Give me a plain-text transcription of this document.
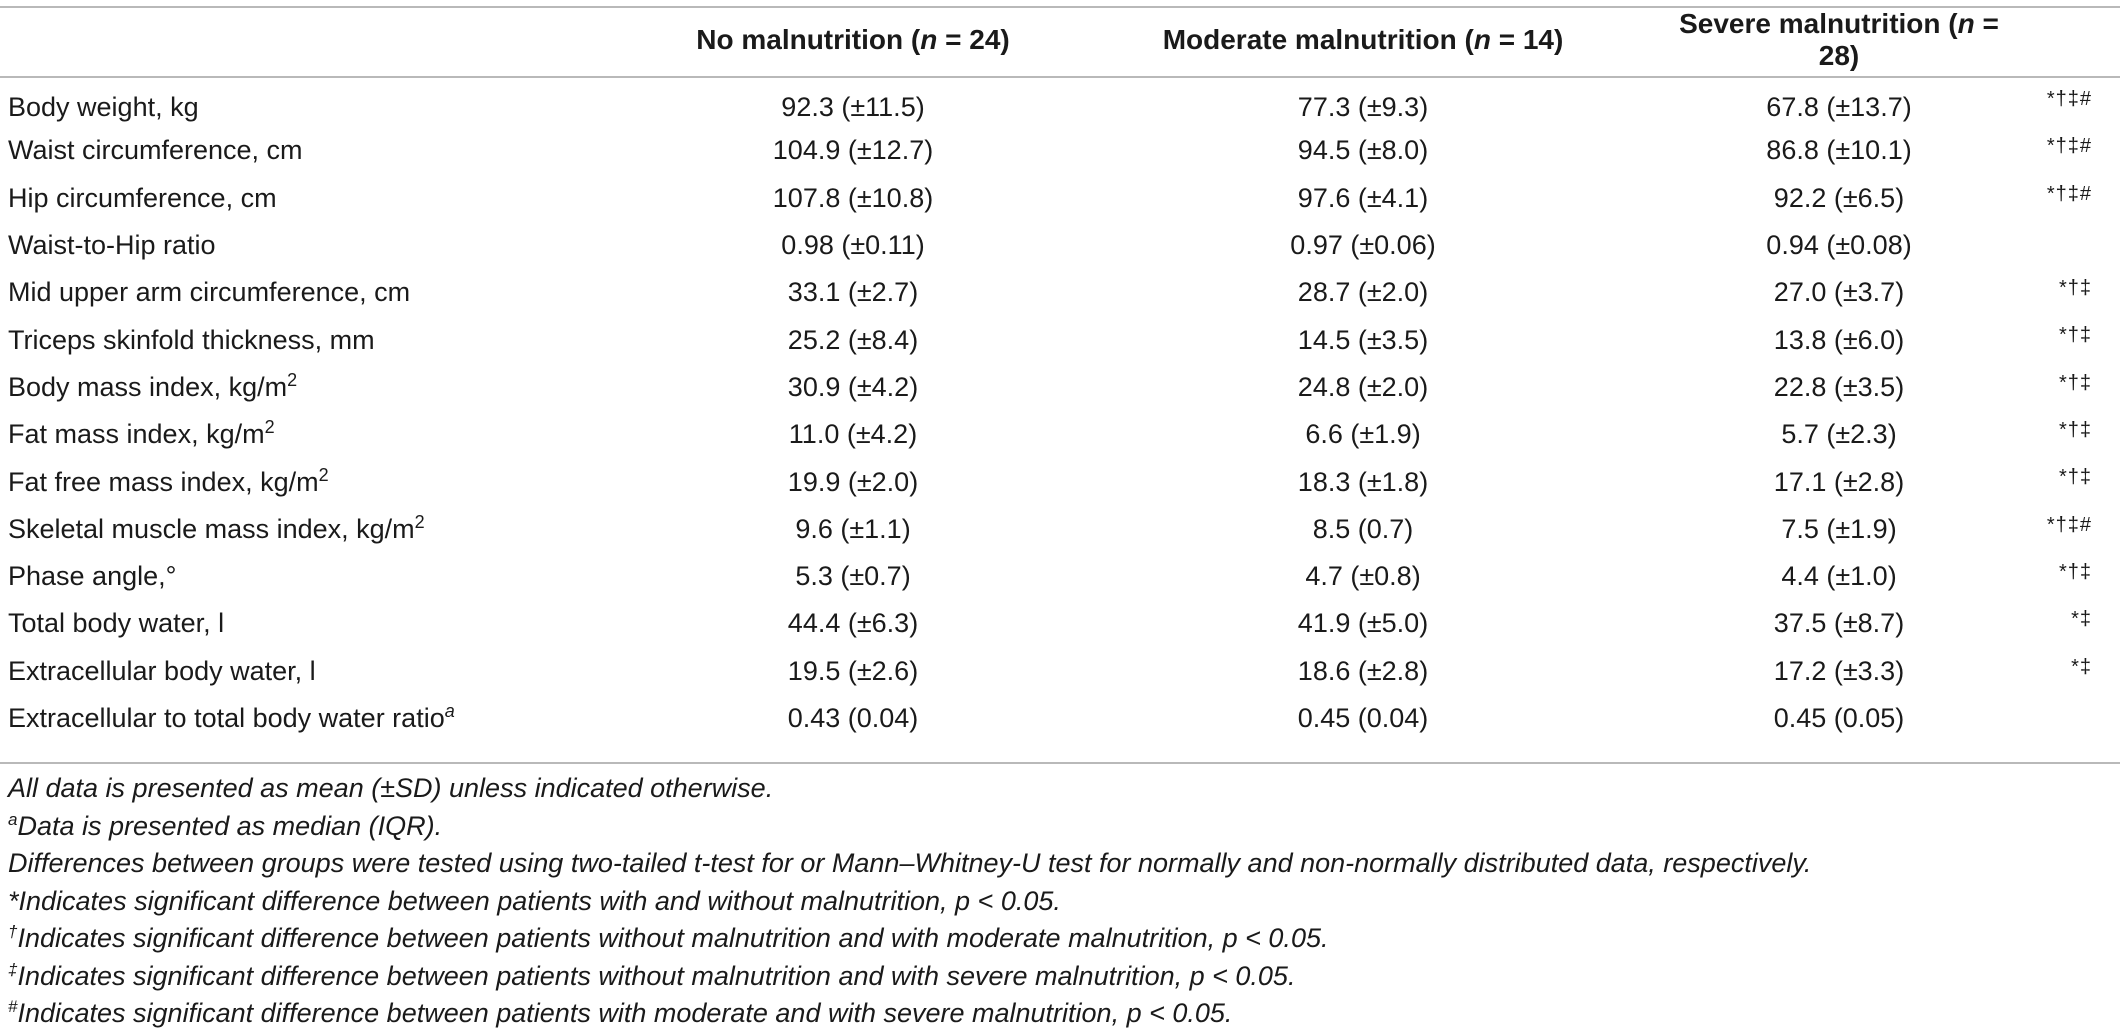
	No malnutrition (n = 24)	Moderate malnutrition (n = 14)	Severe malnutrition (n = 28)	
Body weight, kg	92.3 (±11.5)	77.3 (±9.3)	67.8 (±13.7)	*†‡#
Waist circumference, cm	104.9 (±12.7)	94.5 (±8.0)	86.8 (±10.1)	*†‡#
Hip circumference, cm	107.8 (±10.8)	97.6 (±4.1)	92.2 (±6.5)	*†‡#
Waist-to-Hip ratio	0.98 (±0.11)	0.97 (±0.06)	0.94 (±0.08)	
Mid upper arm circumference, cm	33.1 (±2.7)	28.7 (±2.0)	27.0 (±3.7)	*†‡
Triceps skinfold thickness, mm	25.2 (±8.4)	14.5 (±3.5)	13.8 (±6.0)	*†‡
Body mass index, $kg/m^2$	30.9 (±4.2)	24.8 (±2.0)	22.8 (±3.5)	*†‡
Fat mass index, $kg/m^2$	11.0 (±4.2)	6.6 (±1.9)	5.7 (±2.3)	*†‡
Fat free mass index, $kg/m^2$	19.9 (±2.0)	18.3 (±1.8)	17.1 (±2.8)	*†‡
Skeletal muscle mass index, $kg/m^2$	9.6 (±1.1)	8.5 (0.7)	7.5 (±1.9)	*†‡#
Phase angle,°	5.3 (±0.7)	4.7 (±0.8)	4.4 (±1.0)	*†‡
Total body water, l	44.4 (±6.3)	41.9 (±5.0)	37.5 (±8.7)	*‡
Extracellular body water, l	19.5 (±2.6)	18.6 (±2.8)	17.2 (±3.3)	*‡
Extracellular to total body water ratio$^a$	0.43 (0.04)	0.45 (0.04)	0.45 (0.05)	
All data is presented as mean (±SD) unless indicated otherwise.
$^a$Data is presented as median (IQR).
Differences between groups were tested using two-tailed t-test for or Mann–Whitney-U test for normally and non-normally distributed data, respectively.
*Indicates significant difference between patients with and without malnutrition, p < 0.05.
†Indicates significant difference between patients without malnutrition and with moderate malnutrition, p < 0.05.
‡Indicates significant difference between patients without malnutrition and with severe malnutrition, p < 0.05.
#Indicates significant difference between patients with moderate and with severe malnutrition, p < 0.05.
